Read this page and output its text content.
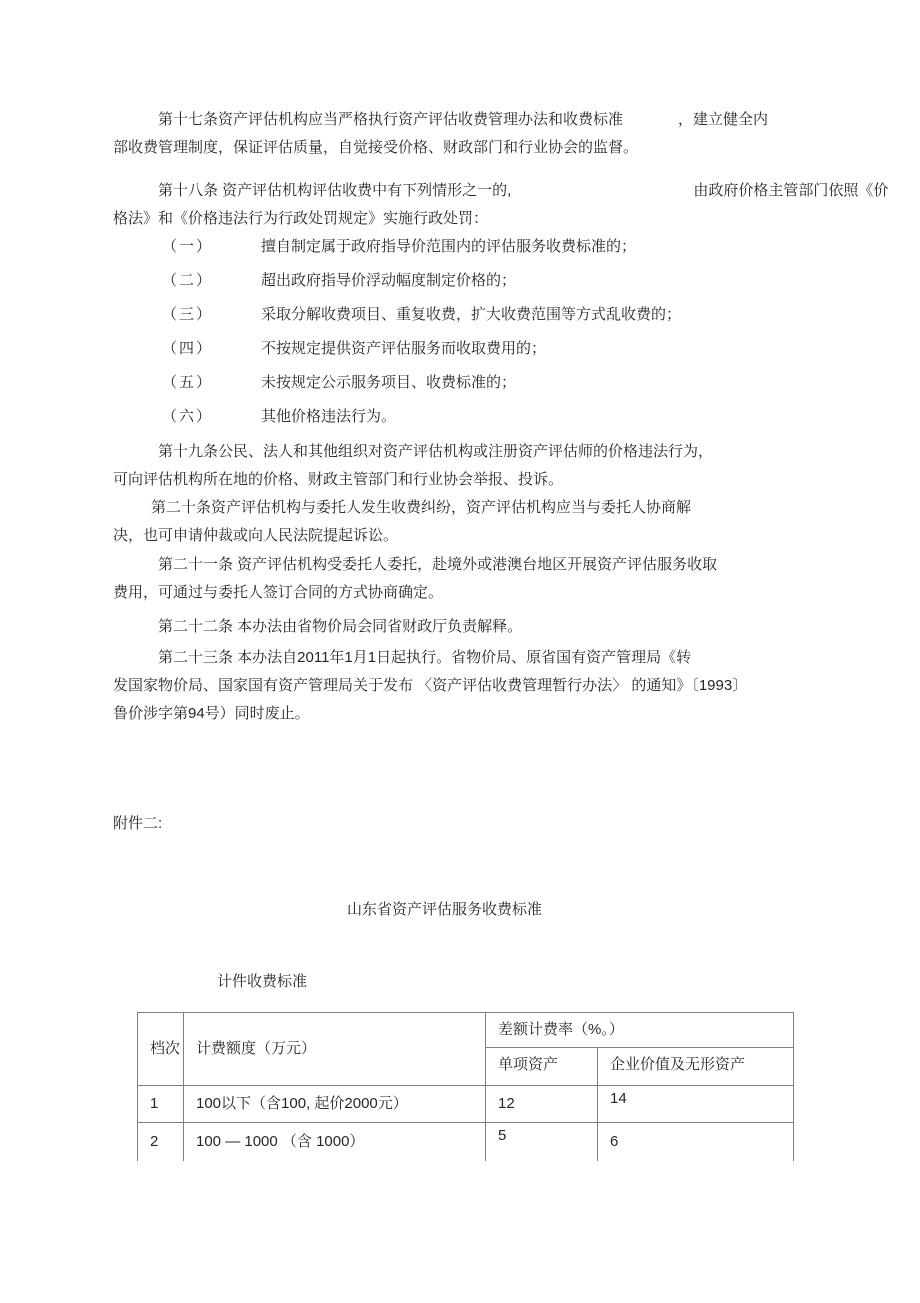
第十七条资产评估机构应当严格执行资产评估收费管理办法和收费标准	，建立健全内
部收费管理制度，保证评估质量，自觉接受价格、财政部门和行业协会的监督。
第十八条 资产评估机构评估收费中有下列情形之一的,	由政府价格主管部门依照《价
格法》和《价格违法行为行政处罚规定》实施行政处罚：
（一）	擅自制定属于政府指导价范围内的评估服务收费标准的；
（二）	超出政府指导价浮动幅度制定价格的；
（三）	采取分解收费项目、重复收费，扩大收费范围等方式乱收费的；
（四）	不按规定提供资产评估服务而收取费用的；
（五）	未按规定公示服务项目、收费标准的；
（六）	其他价格违法行为。
第十九条公民、法人和其他组织对资产评估机构或注册资产评估师的价格违法行为，
可向评估机构所在地的价格、财政主管部门和行业协会举报、投诉。
第二十条资产评估机构与委托人发生收费纠纷，资产评估机构应当与委托人协商解
决，也可申请仲裁或向人民法院提起诉讼。
第二十一条 资产评估机构受委托人委托，赴境外或港澳台地区开展资产评估服务收取
费用，可通过与委托人签订合同的方式协商确定。
第二十二条 本办法由省物价局会同省财政厅负责解释。
第二十三条 本办法自2011年1月1日起执行。省物价局、原省国有资产管理局《转
发国家物价局、国家国有资产管理局关于发布 〈资产评估收费管理暂行办法〉 的通知》〔1993〕
鲁价涉字第94号）同时废止。
附件二:
山东省资产评估服务收费标准
计件收费标准
档次	计费额度（万元）	差额计费率（%。）	
		单项资产	企业价值及无形资产
1	100以下（含100, 起价2000元）	12	14
2	100 — 1000 （含 1000）	5	6
